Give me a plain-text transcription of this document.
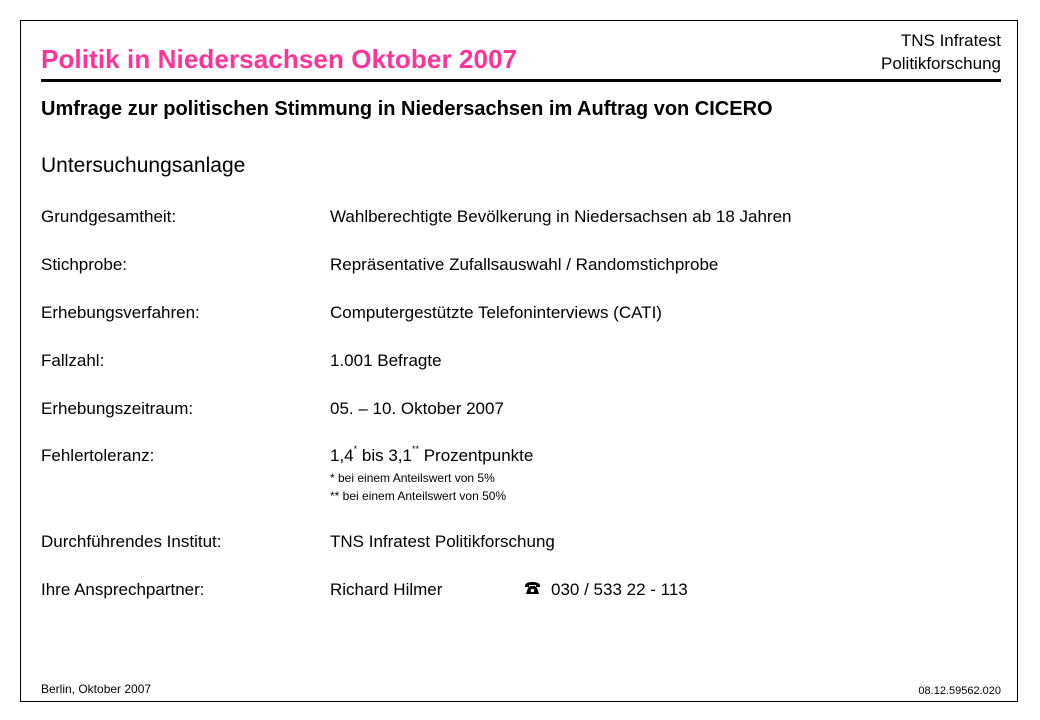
Politik in Niedersachsen Oktober 2007
TNS Infratest
Politikforschung
Umfrage zur politischen Stimmung in Niedersachsen im Auftrag von CICERO
Untersuchungsanlage
Grundgesamtheit:	Wahlberechtigte Bevölkerung in Niedersachsen ab 18 Jahren
Stichprobe:	Repräsentative Zufallsauswahl / Randomstichprobe
Erhebungsverfahren:	Computergestützte Telefoninterviews (CATI)
Fallzahl:	1.001 Befragte
Erhebungszeitraum:	05. – 10. Oktober 2007
Fehlertoleranz:	1,4* bis 3,1** Prozentpunkte
* bei einem Anteilswert von 5%
** bei einem Anteilswert von 50%
Durchführendes Institut:	TNS Infratest Politikforschung
Ihre Ansprechpartner:	Richard Hilmer	030 / 533 22 - 113
Berlin, Oktober 2007	08.12.59562.020
